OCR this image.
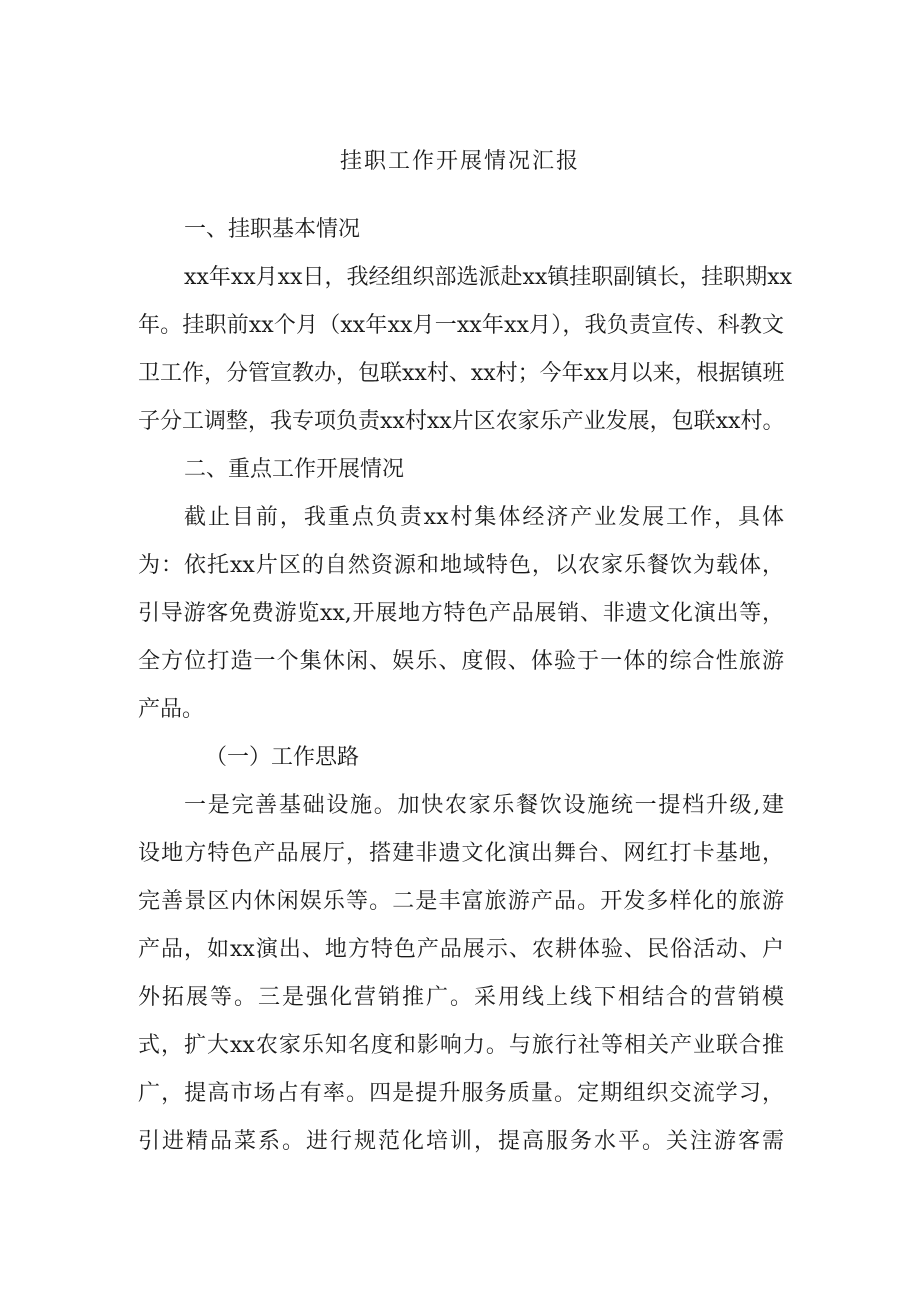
挂职工作开展情况汇报

一、挂职基本情况

xx年xx月xx日，我经组织部选派赴xx镇挂职副镇长，挂职期xx

年。挂职前xx个月（xx年xx月一xx年xx月），我负责宣传、科教文

卫工作，分管宣教办，包联xx村、xx村；今年xx月以来，根据镇班

子分工调整，我专项负责xx村xx片区农家乐产业发展，包联xx村。

二、重点工作开展情况

截止目前，我重点负责xx村集体经济产业发展工作，具体

为：依托xx片区的自然资源和地域特色，以农家乐餐饮为载体，

引导游客免费游览xx,开展地方特色产品展销、非遗文化演出等，

全方位打造一个集休闲、娱乐、度假、体验于一体的综合性旅游

产品。

（一）工作思路

一是完善基础设施。加快农家乐餐饮设施统一提档升级,建

设地方特色产品展厅，搭建非遗文化演出舞台、网红打卡基地，

完善景区内休闲娱乐等。二是丰富旅游产品。开发多样化的旅游

产品，如xx演出、地方特色产品展示、农耕体验、民俗活动、户

外拓展等。三是强化营销推广。采用线上线下相结合的营销模

式，扩大xx农家乐知名度和影响力。与旅行社等相关产业联合推

广，提高市场占有率。四是提升服务质量。定期组织交流学习，

引进精品菜系。进行规范化培训，提高服务水平。关注游客需
